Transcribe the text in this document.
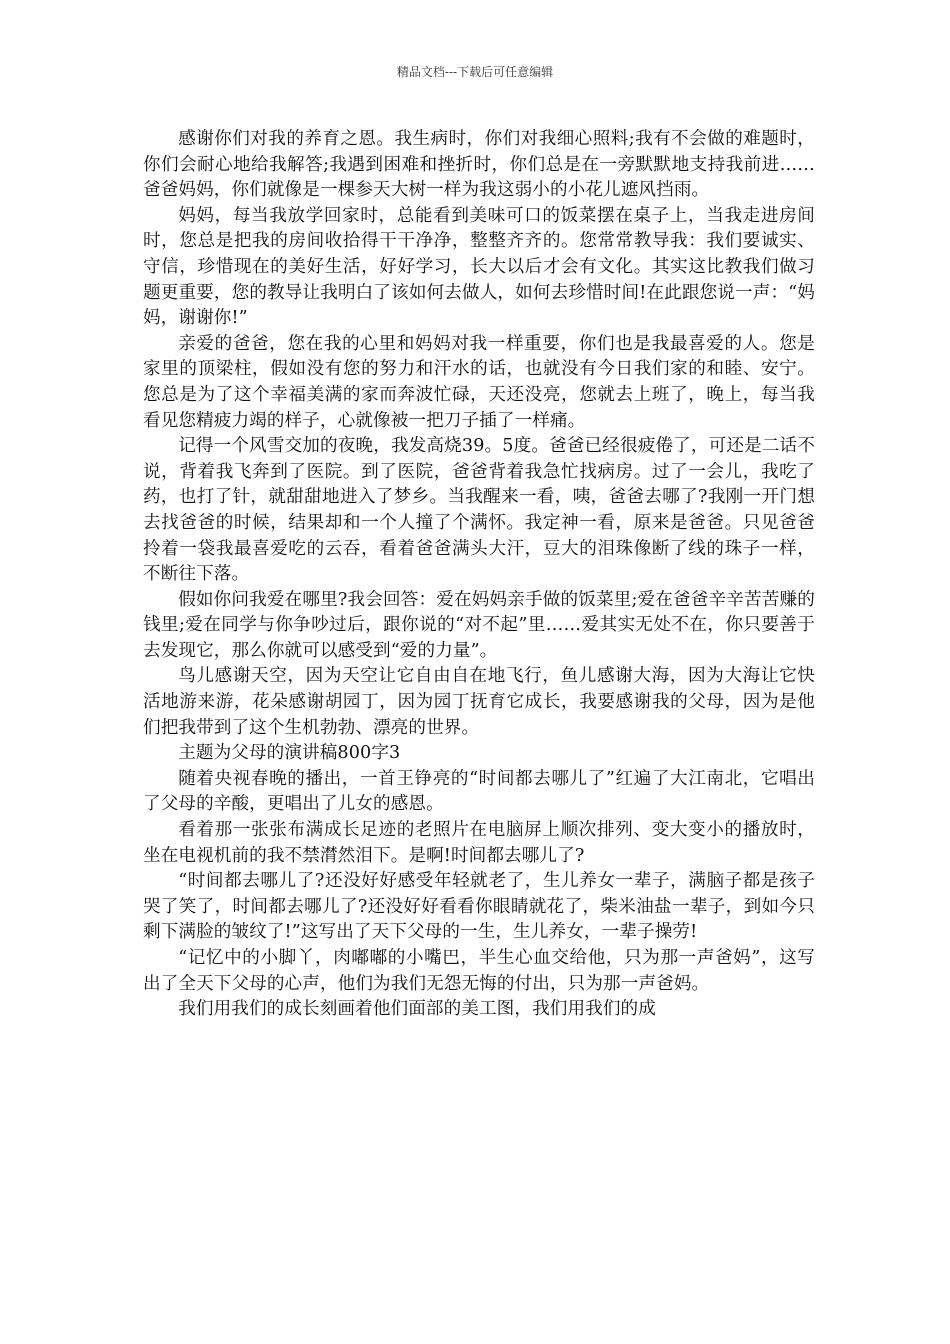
精品文档---下载后可任意编辑

感谢你们对我的养育之恩。我生病时，你们对我细心照料;我有不会做的难题时，你们会耐心地给我解答;我遇到困难和挫折时，你们总是在一旁默默地支持我前进……爸爸妈妈，你们就像是一棵参天大树一样为我这弱小的小花儿遮风挡雨。

妈妈，每当我放学回家时，总能看到美味可口的饭菜摆在桌子上，当我走进房间时，您总是把我的房间收拾得干干净净，整整齐齐的。您常常教导我：我们要诚实、守信，珍惜现在的美好生活，好好学习，长大以后才会有文化。其实这比教我们做习题更重要，您的教导让我明白了该如何去做人，如何去珍惜时间!在此跟您说一声：“妈妈，谢谢你!”

亲爱的爸爸，您在我的心里和妈妈对我一样重要，你们也是我最喜爱的人。您是家里的顶梁柱，假如没有您的努力和汗水的话，也就没有今日我们家的和睦、安宁。您总是为了这个幸福美满的家而奔波忙碌，天还没亮，您就去上班了，晚上，每当我看见您精疲力竭的样子，心就像被一把刀子插了一样痛。

记得一个风雪交加的夜晚，我发高烧39。5度。爸爸已经很疲倦了，可还是二话不说，背着我飞奔到了医院。到了医院，爸爸背着我急忙找病房。过了一会儿，我吃了药，也打了针，就甜甜地进入了梦乡。当我醒来一看，咦，爸爸去哪了?我刚一开门想去找爸爸的时候，结果却和一个人撞了个满怀。我定神一看，原来是爸爸。只见爸爸拎着一袋我最喜爱吃的云吞，看着爸爸满头大汗，豆大的泪珠像断了线的珠子一样，不断往下落。

假如你问我爱在哪里?我会回答：爱在妈妈亲手做的饭菜里;爱在爸爸辛辛苦苦赚的钱里;爱在同学与你争吵过后，跟你说的“对不起”里……爱其实无处不在，你只要善于去发现它，那么你就可以感受到“爱的力量”。

鸟儿感谢天空，因为天空让它自由自在地飞行，鱼儿感谢大海，因为大海让它快活地游来游，花朵感谢胡园丁，因为园丁抚育它成长，我要感谢我的父母，因为是他们把我带到了这个生机勃勃、漂亮的世界。

主题为父母的演讲稿800字3

随着央视春晚的播出，一首王铮亮的“时间都去哪儿了”红遍了大江南北，它唱出了父母的辛酸，更唱出了儿女的感恩。

看着那一张张布满成长足迹的老照片在电脑屏上顺次排列、变大变小的播放时，坐在电视机前的我不禁潸然泪下。是啊!时间都去哪儿了?

“时间都去哪儿了?还没好好感受年轻就老了，生儿养女一辈子，满脑子都是孩子哭了笑了，时间都去哪儿了?还没好好看看你眼睛就花了，柴米油盐一辈子，到如今只剩下满脸的皱纹了!”这写出了天下父母的一生，生儿养女，一辈子操劳!

“记忆中的小脚丫，肉嘟嘟的小嘴巴，半生心血交给他，只为那一声爸妈”，这写出了全天下父母的心声，他们为我们无怨无悔的付出，只为那一声爸妈。

我们用我们的成长刻画着他们面部的美工图，我们用我们的成
